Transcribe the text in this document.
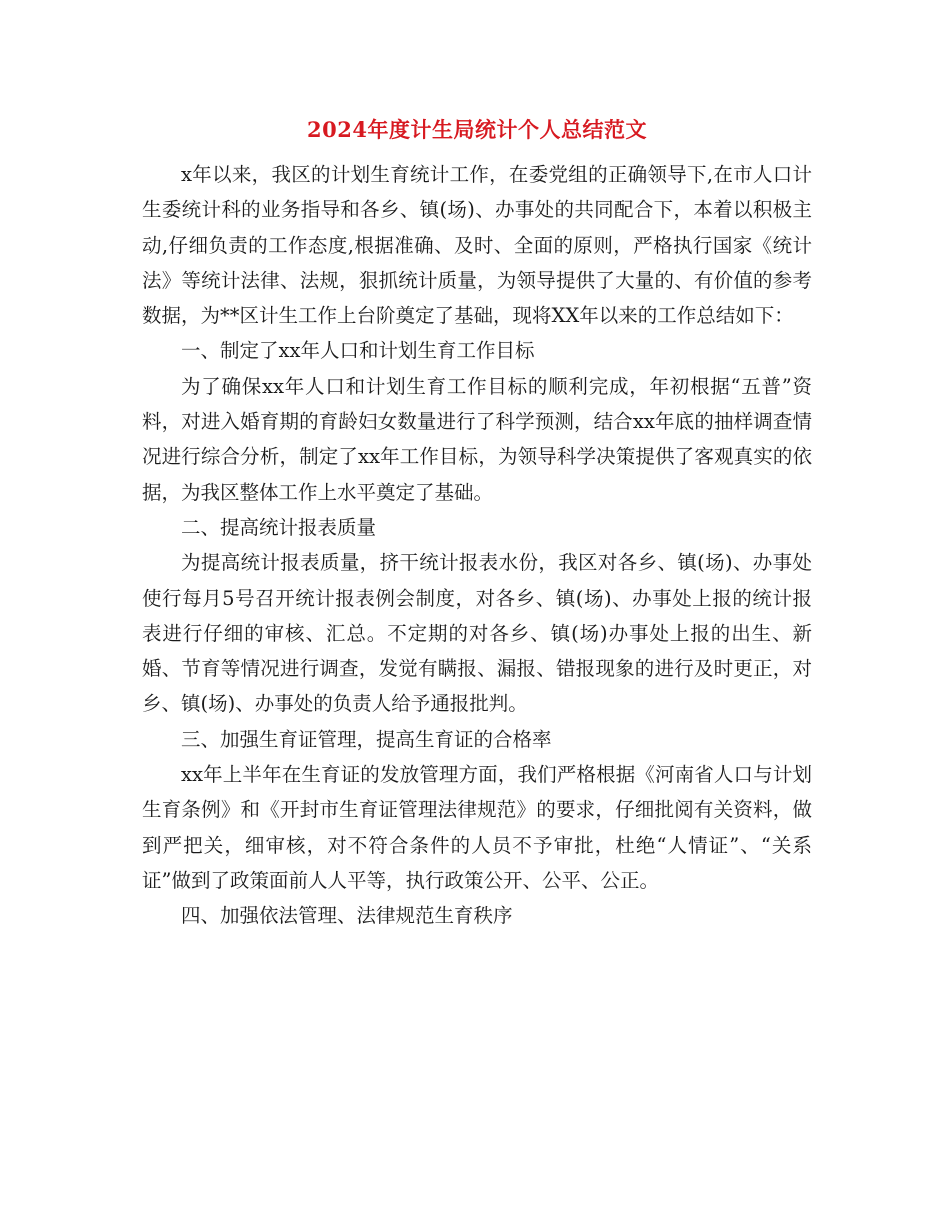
2024年度计生局统计个人总结范文

x年以来，我区的计划生育统计工作，在委党组的正确领导下,在市人口计生委统计科的业务指导和各乡、镇(场)、办事处的共同配合下，本着以积极主动,仔细负责的工作态度,根据准确、及时、全面的原则，严格执行国家《统计法》等统计法律、法规，狠抓统计质量，为领导提供了大量的、有价值的参考数据，为**区计生工作上台阶奠定了基础，现将XX年以来的工作总结如下：

一、制定了xx年人口和计划生育工作目标

为了确保xx年人口和计划生育工作目标的顺利完成，年初根据“五普”资料，对进入婚育期的育龄妇女数量进行了科学预测，结合xx年底的抽样调查情况进行综合分析，制定了xx年工作目标，为领导科学决策提供了客观真实的依据，为我区整体工作上水平奠定了基础。

二、提高统计报表质量

为提高统计报表质量，挤干统计报表水份，我区对各乡、镇(场)、办事处使行每月5号召开统计报表例会制度，对各乡、镇(场)、办事处上报的统计报表进行仔细的审核、汇总。不定期的对各乡、镇(场)办事处上报的出生、新婚、节育等情况进行调查，发觉有瞒报、漏报、错报现象的进行及时更正，对乡、镇(场)、办事处的负责人给予通报批判。

三、加强生育证管理，提高生育证的合格率

xx年上半年在生育证的发放管理方面，我们严格根据《河南省人口与计划生育条例》和《开封市生育证管理法律规范》的要求，仔细批阅有关资料，做到严把关，细审核，对不符合条件的人员不予审批，杜绝“人情证”、“关系证”做到了政策面前人人平等，执行政策公开、公平、公正。

四、加强依法管理、法律规范生育秩序
